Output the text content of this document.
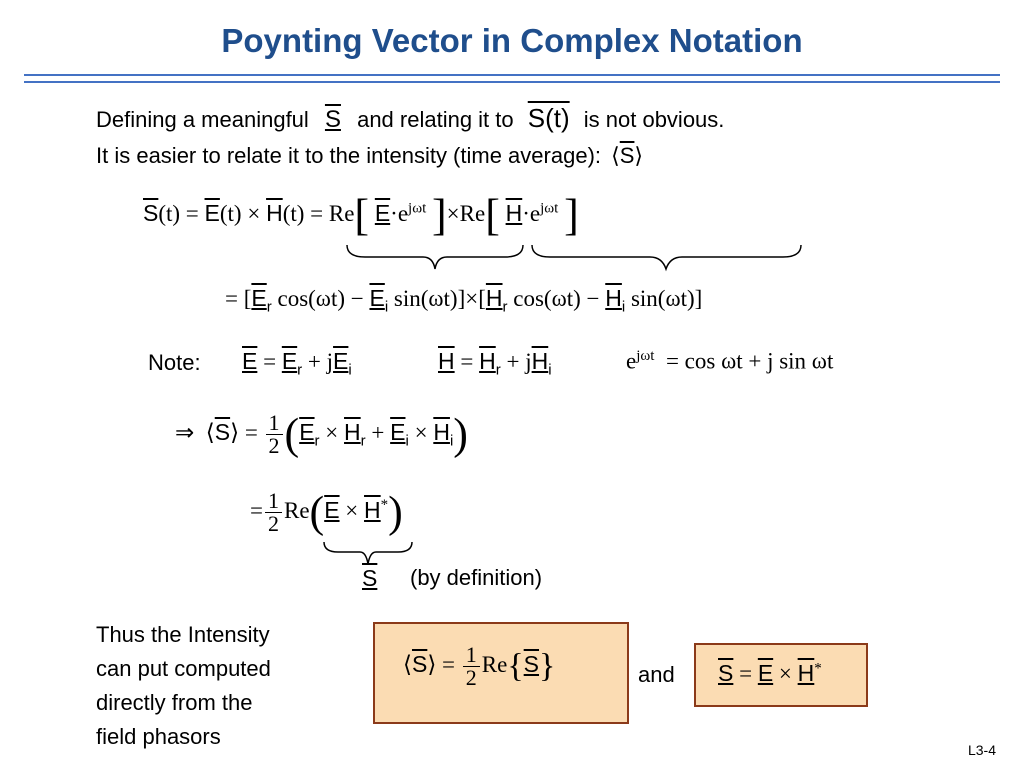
Poynting Vector in Complex Notation
Defining a meaningful S and relating it to S(t) is not obvious.
It is easier to relate it to the intensity (time average): $⟨\overline{S}⟩$
$\overline{S}(t) = \overline{E}(t) \times \overline{H}(t) = Re$[ $E\cdot e^{j\omega t}$ ]×Re[ $H\cdot e^{j\omega t}$ ]
= [$E_r$ $\cos(\omega t) - E_i$ $\sin(\omega t)]\times[H_r$ $\cos(\omega t) - H_i$ sin(ωt)]
Note: $E = E_r + jE_i$	$H = H_r + jH_i$	$e^{j\omega t} = \cos \omega t + j$ sin ωt
⇒  $⟨\overline{S}⟩ = \frac{1}{2} (E_r \times H_r + E_i \times H_i)$
= $\frac{1}{2} Re(E \times H^*)$
S (by definition)
Thus the Intensity
can put computed
directly from the
field phasors
$⟨\overline{S}⟩ = \frac{1}{2} Re\{S\}$	and S = E × H*
L3-4
